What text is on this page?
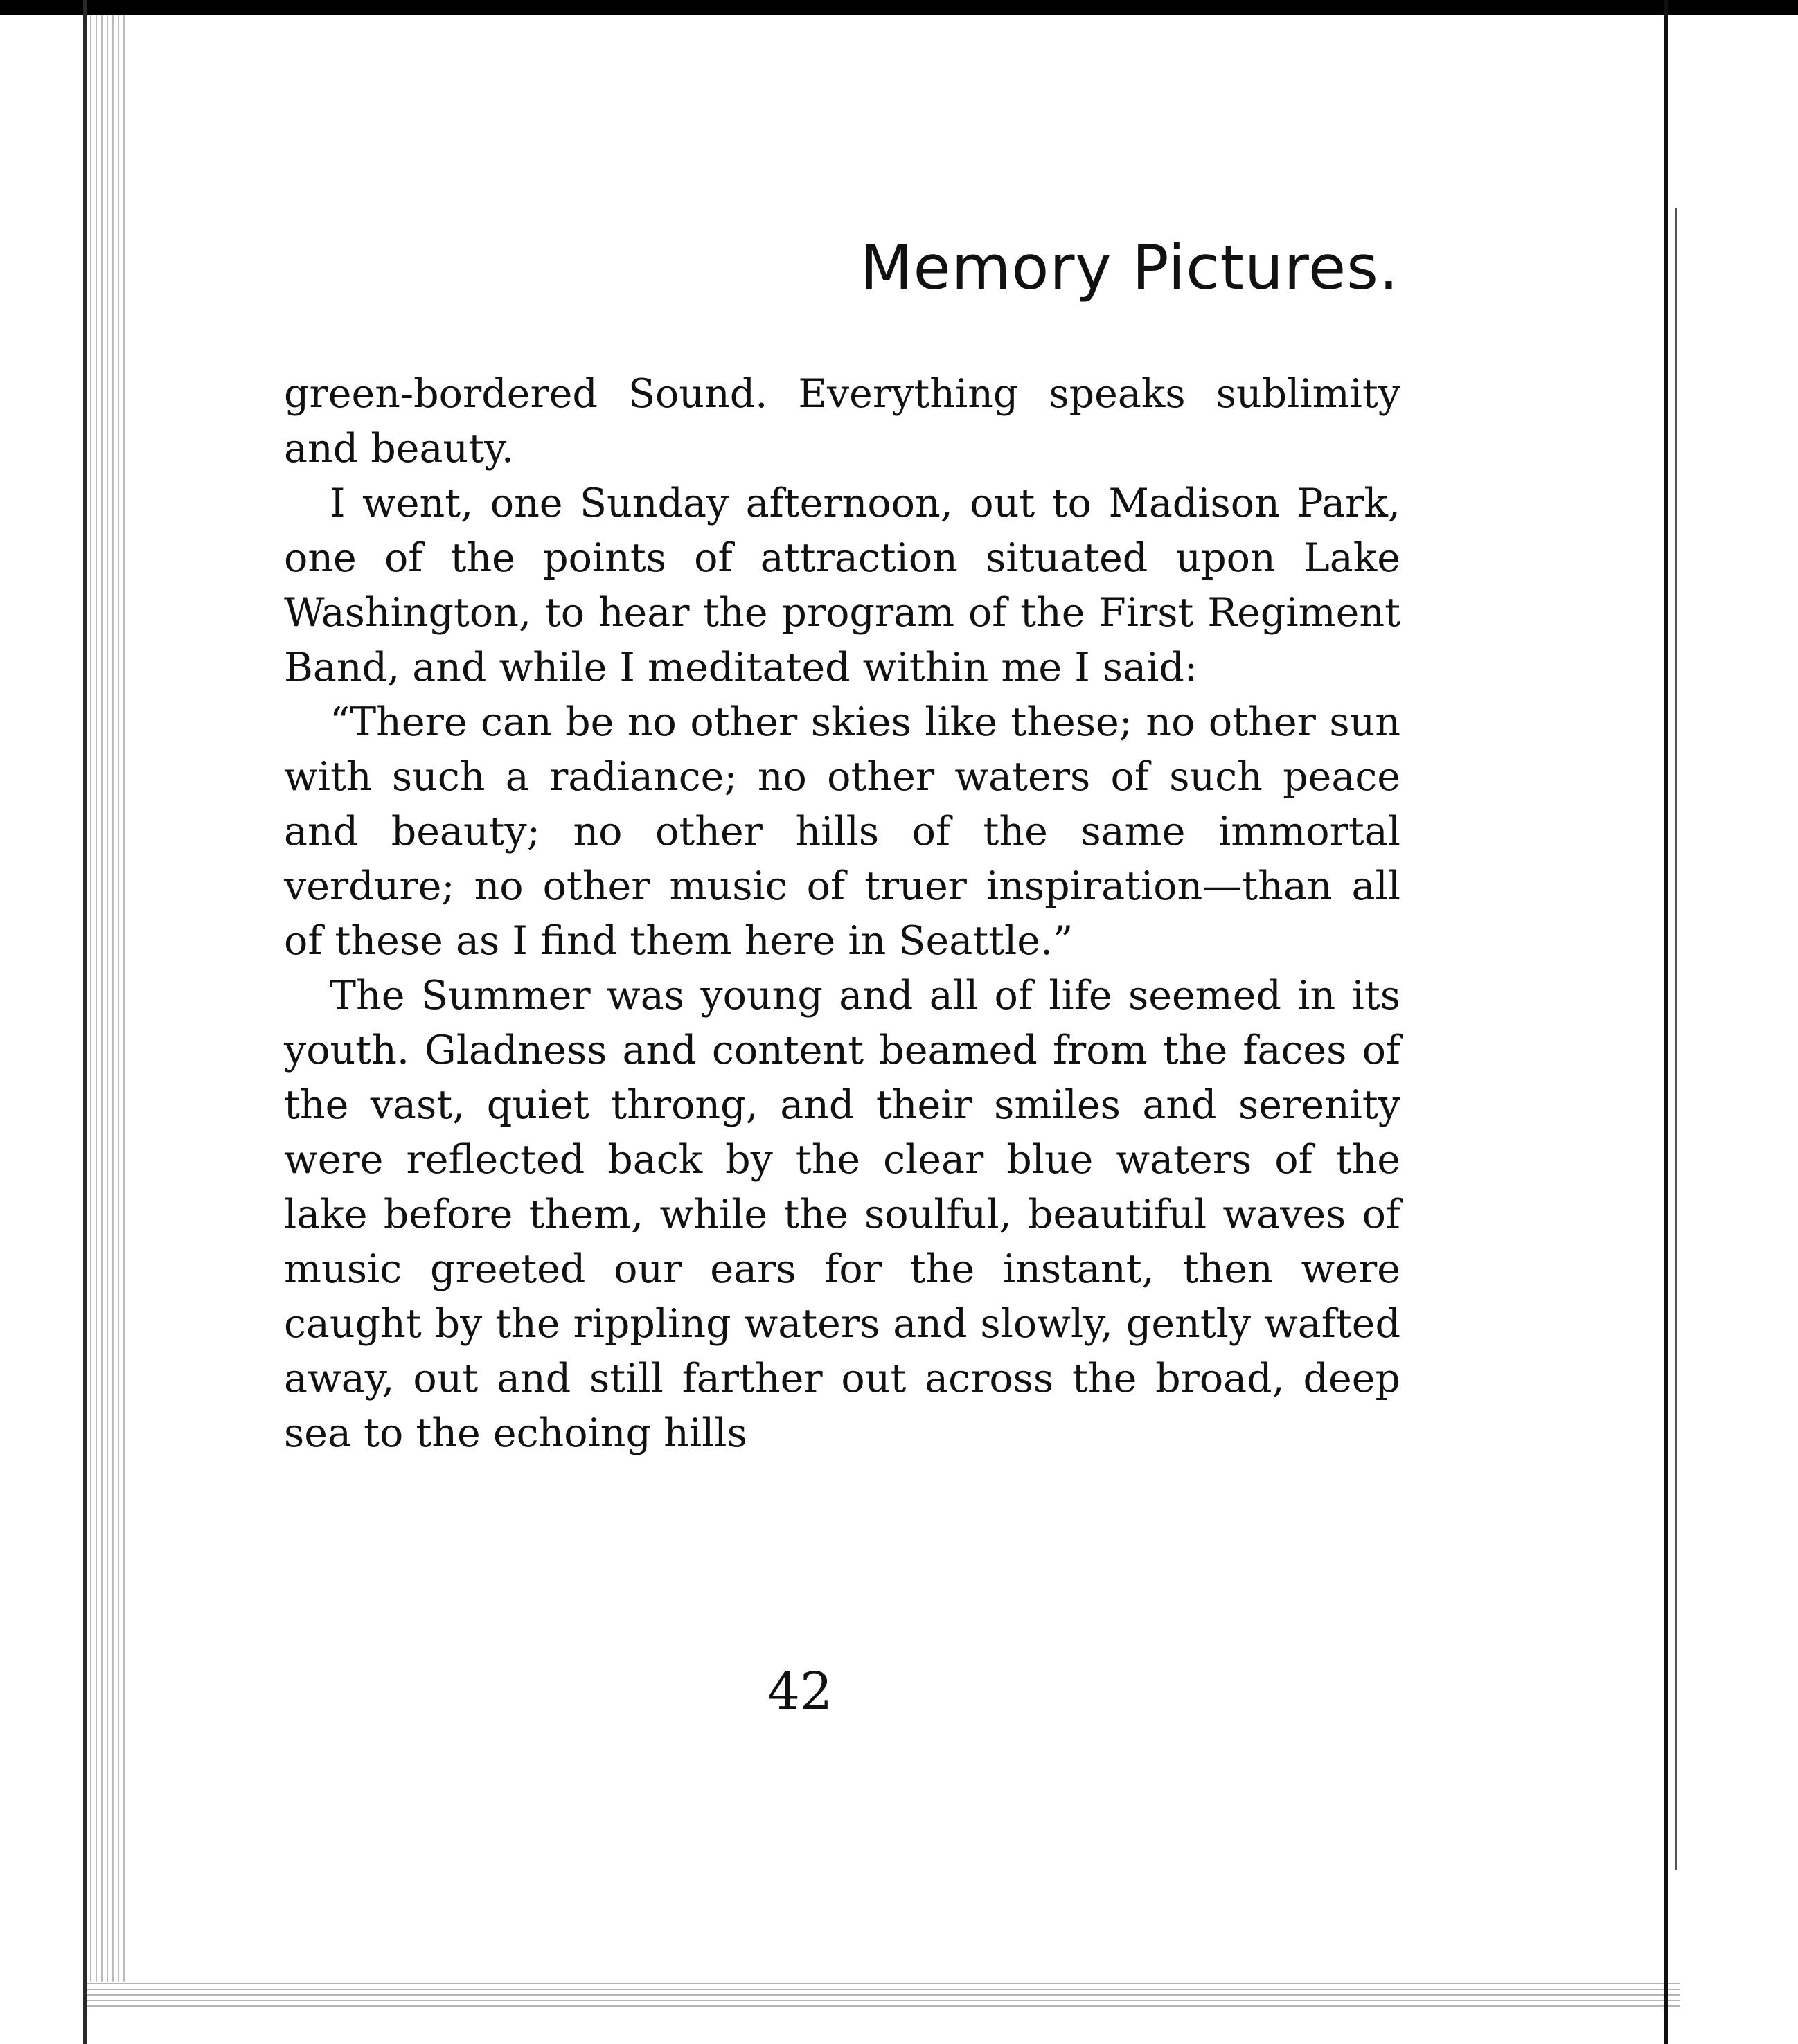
Memory Pictures.

green-bordered Sound. Everything speaks sublimity and beauty.

I went, one Sunday afternoon, out to Madison Park, one of the points of attraction situated upon Lake Washington, to hear the program of the First Regiment Band, and while I meditated within me I said:

“There can be no other skies like these; no other sun with such a radiance; no other waters of such peace and beauty; no other hills of the same immortal verdure; no other music of truer inspiration—than all of these as I find them here in Seattle.”

The Summer was young and all of life seemed in its youth. Gladness and content beamed from the faces of the vast, quiet throng, and their smiles and serenity were reflected back by the clear blue waters of the lake before them, while the soulful, beautiful waves of music greeted our ears for the instant, then were caught by the rippling waters and slowly, gently wafted away, out and still farther out across the broad, deep sea to the echoing hills

42
